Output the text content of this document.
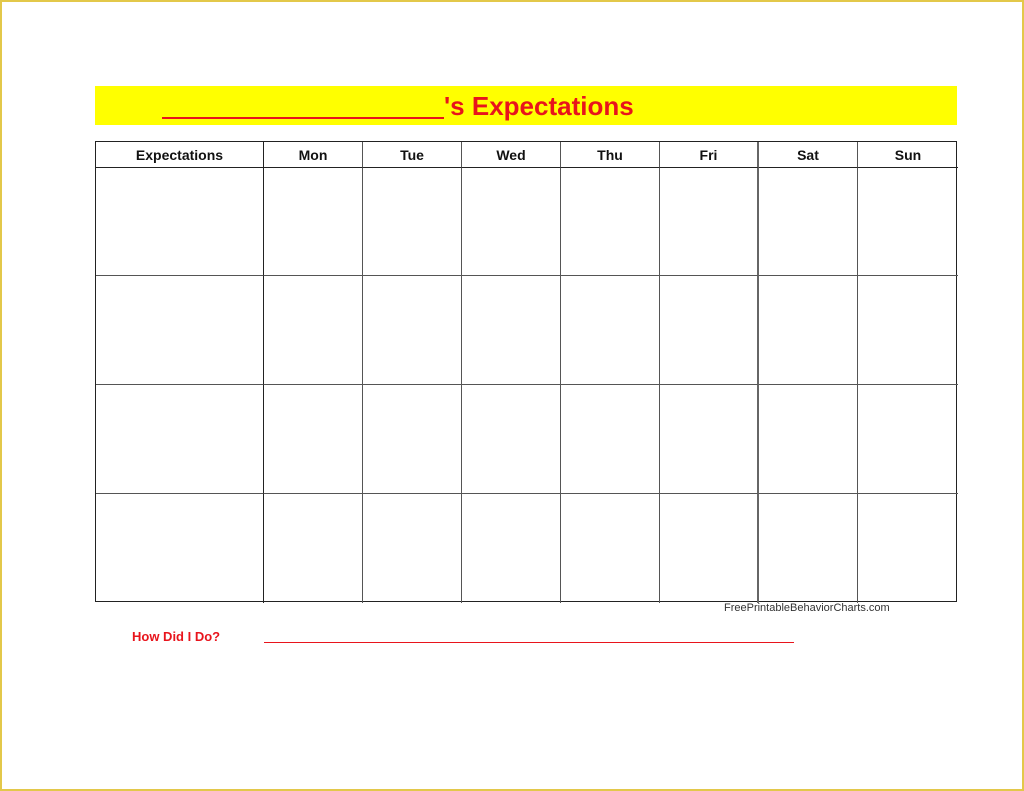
's Expectations
Expectations	Mon	Tue	Wed	Thu	Fri	Sat	Sun
FreePrintableBehaviorCharts.com
How Did I Do?
